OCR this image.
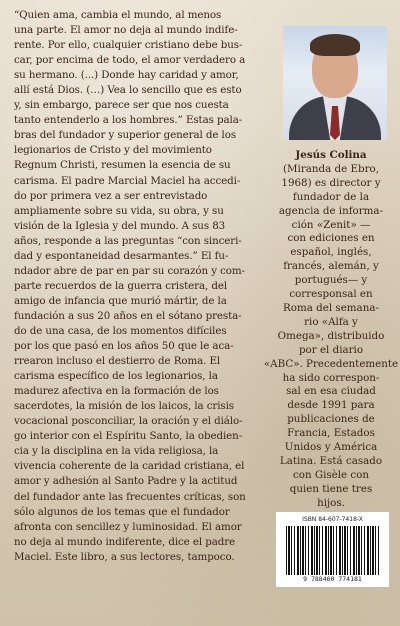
“Quien ama, cambia el mundo, al menos

una parte. El amor no deja al mundo indife-

rente. Por ello, cualquier cristiano debe bus-

car, por encima de todo, el amor verdadero a

su hermano. (...) Donde hay caridad y amor,

allí está Dios. (…) Vea lo sencillo que es esto

y, sin embargo, parece ser que nos cuesta

tanto entenderlo a los hombres.” Estas pala-

bras del fundador y superior general de los

legionarios de Cristo y del movimiento

Regnum Christi, resumen la esencia de su

carisma. El padre Marcial Maciel ha accedi-

do por primera vez a ser entrevistado

ampliamente sobre su vida, su obra, y su

visión de la Iglesia y del mundo. A sus 83

años, responde a las preguntas “con sinceri-

dad y espontaneidad desarmantes.” El fu-

ndador abre de par en par su corazón y com-

parte recuerdos de la guerra cristera, del

amigo de infancia que murió mártir, de la

fundación a sus 20 años en el sótano presta-

do de una casa, de los momentos difíciles

por los que pasó en los años 50 que le aca-

rrearon incluso el destierro de Roma. El

carisma específico de los legionarios, la

madurez afectiva en la formación de los

sacerdotes, la misión de los laicos, la crisis

vocacional posconciliar, la oración y el diálo-

go interior con el Espíritu Santo, la obedien-

cia y la disciplina en la vida religiosa, la

vivencia coherente de la caridad cristiana, el

amor y adhesión al Santo Padre y la actitud

del fundador ante las frecuentes críticas, son

sólo algunos de los temas que el fundador

afronta con sencillez y luminosidad. El amor

no deja al mundo indiferente, dice el padre

Maciel. Este libro, a sus lectores, tampoco.

Jesús Colina

(Miranda de Ebro,

1968) es director y

fundador de la

agencia de informa-

ción «Zenit» —

con ediciones en

español, inglés,

francés, alemán, y

portugués— y

corresponsal en

Roma del semana-

rio «Alfa y

Omega», distribuido

por el diario

«ABC». Precedentemente

ha sido correspon-

sal en esa ciudad

desde 1991 para

publicaciones de

Francia, Estados

Unidos y América

Latina. Está casado

con Gisèle con

quien tiene tres

hijos.

ISBN 84-607-7418-X
9 788460 774181
